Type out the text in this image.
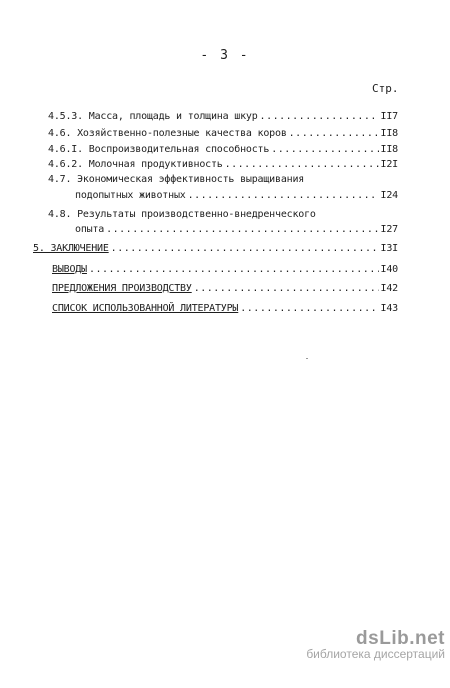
- 3 -
Стр.
4.5.3. Масса, площадь и толщина шкур .....	II7
4.6. Хозяйственно-полезные качества коров .....	II8
4.6.I. Воспроизводительная способность .....	II8
4.6.2. Молочная продуктивность .....	I2I
4.7. Экономическая эффективность выращивания
подопытных животных .....	I24
4.8. Результаты производственно-внедренческого
опыта .....	I27
5. ЗАКЛЮЧЕНИЕ .....	I3I
ВЫВОДЫ .....	I40
ПРЕДЛОЖЕНИЯ ПРОИЗВОДСТВУ .....	I42
СПИСОК ИСПОЛЬЗОВАННОЙ ЛИТЕРАТУРЫ .....	I43
dsLib.net
библиотека диссертаций
